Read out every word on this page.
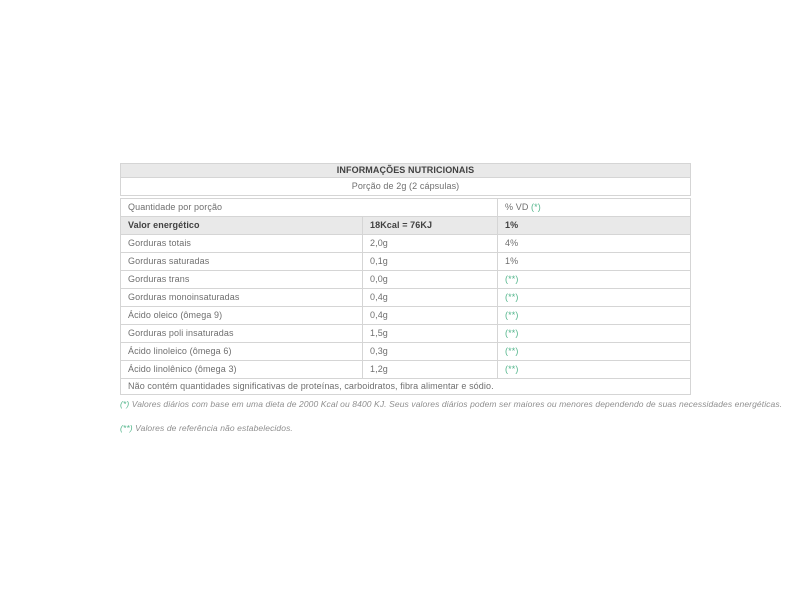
INFORMAÇÕES NUTRICIONAIS
Porção de 2g (2 cápsulas)
Quantidade por porção		% VD (*)
Valor energético	18Kcal = 76KJ	1%
Gorduras totais	2,0g	4%
Gorduras saturadas	0,1g	1%
Gorduras trans	0,0g	(**)
Gorduras monoinsaturadas	0,4g	(**)
Ácido oleico (ômega 9)	0,4g	(**)
Gorduras poli insaturadas	1,5g	(**)
Ácido linoleico (ômega 6)	0,3g	(**)
Ácido linolênico (ômega 3)	1,2g	(**)
Não contém quantidades significativas de proteínas, carboidratos, fibra alimentar e sódio.		
(*) Valores diários com base em uma dieta de 2000 Kcal ou 8400 KJ. Seus valores diários podem ser maiores ou menores dependendo de suas necessidades energéticas.
(**) Valores de referência não estabelecidos.
